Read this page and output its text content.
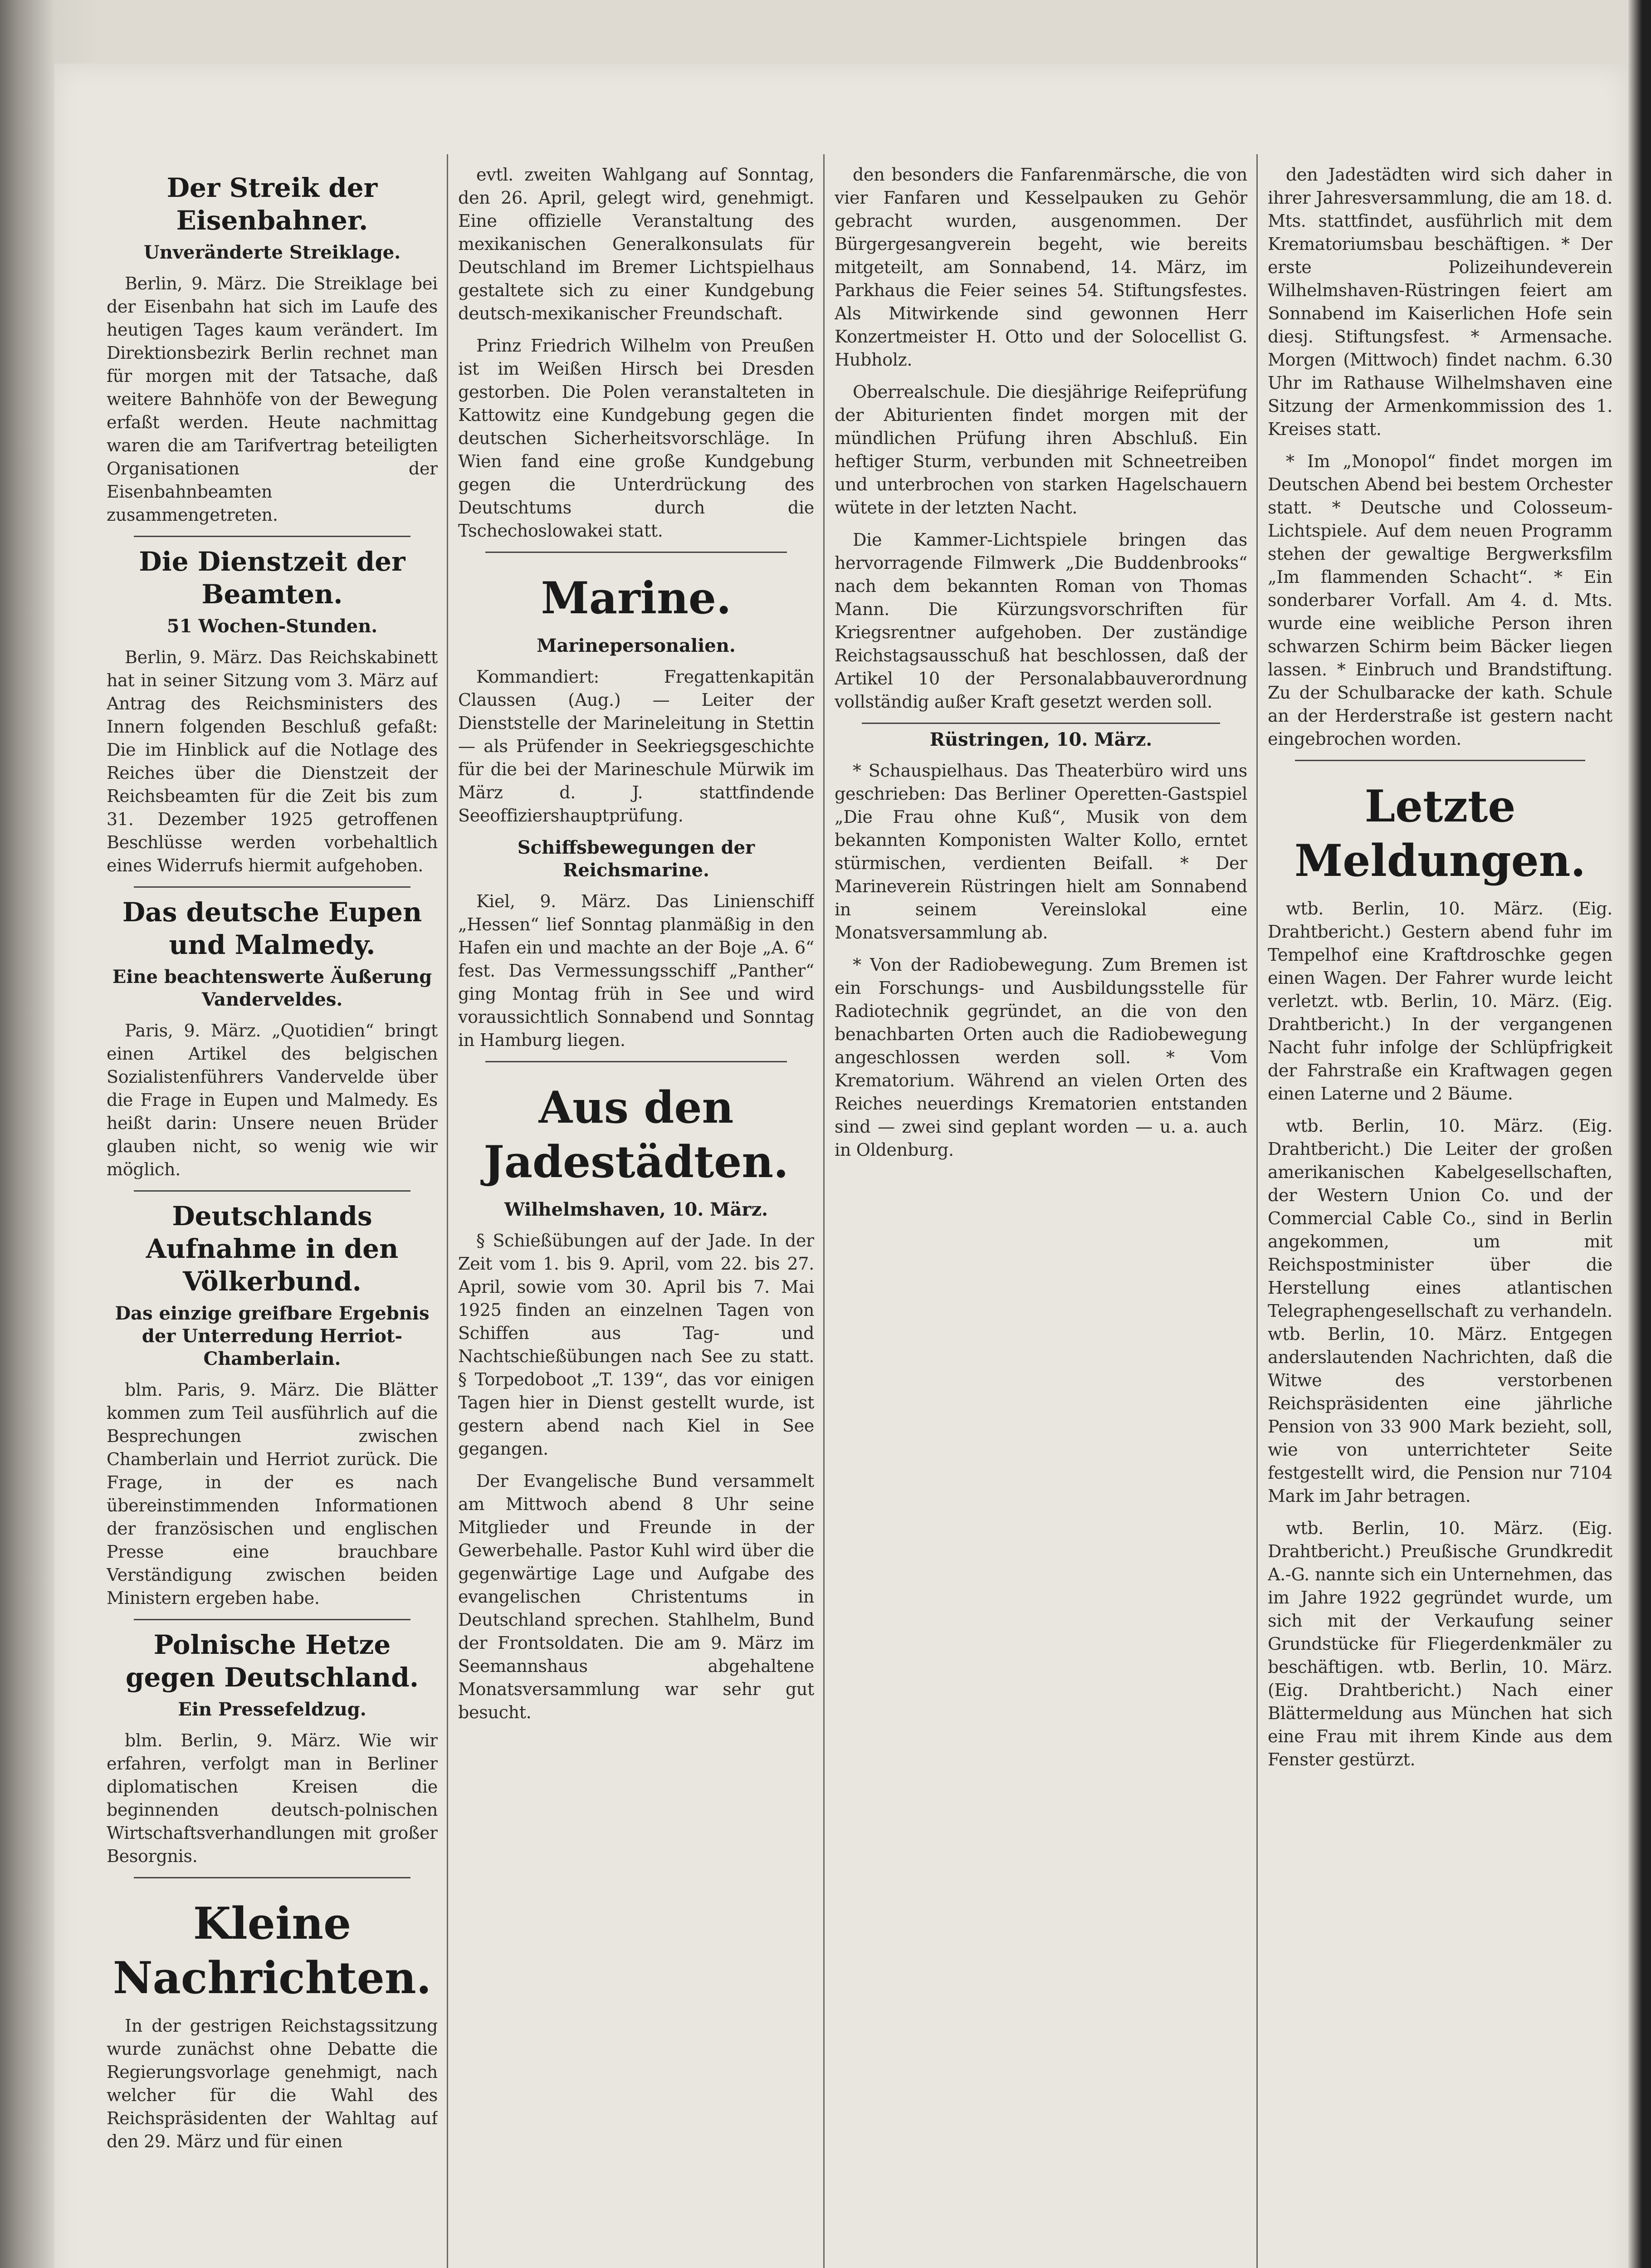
Der Streik der Eisenbahner.
Unveränderte Streiklage.

Berlin, 9. März. Die Streiklage bei der Eisenbahn hat sich im Laufe des heutigen Tages kaum verändert. Im Direktionsbezirk Berlin rechnet man für morgen mit der Tatsache, daß weitere Bahnhöfe von der Bewegung erfaßt werden. Heute nachmittag waren die am Tarifvertrag beteiligten Organisationen der Eisenbahnbeamten zusammengetreten.

Die Dienstzeit der Beamten.
51 Wochen-Stunden.

Berlin, 9. März. Das Reichskabinett hat in seiner Sitzung vom 3. März auf Antrag des Reichsministers des Innern folgenden Beschluß gefaßt: Die im Hinblick auf die Notlage des Reiches über die Dienstzeit der Reichsbeamten für die Zeit bis zum 31. Dezember 1925 getroffenen Beschlüsse werden vorbehaltlich eines Widerrufs hiermit aufgehoben.

Das deutsche Eupen und Malmedy.
Eine beachtenswerte Äußerung Vanderveldes.

Paris, 9. März. „Quotidien“ bringt einen Artikel des belgischen Sozialistenführers Vandervelde über die Frage in Eupen und Malmedy. Es heißt darin: Unsere neuen Brüder glauben nicht, so wenig wie wir möglich.

Deutschlands Aufnahme in den Völkerbund.
Das einzige greifbare Ergebnis der Unterredung Herriot-Chamberlain.

blm. Paris, 9. März. Die Blätter kommen zum Teil ausführlich auf die Besprechungen zwischen Chamberlain und Herriot zurück. Die Frage, in der es nach übereinstimmenden Informationen der französischen und englischen Presse eine brauchbare Verständigung zwischen beiden Ministern ergeben habe.

Polnische Hetze gegen Deutschland.
Ein Pressefeldzug.

blm. Berlin, 9. März. Wie wir erfahren, verfolgt man in Berliner diplomatischen Kreisen die beginnenden deutsch-polnischen Wirtschaftsverhandlungen mit großer Besorgnis.

Kleine Nachrichten.

In der gestrigen Reichstagssitzung wurde zunächst ohne Debatte die Regierungsvorlage genehmigt, nach welcher für die Wahl des Reichspräsidenten der Wahltag auf den 29. März und für einen

evtl. zweiten Wahlgang auf Sonntag, den 26. April, gelegt wird, genehmigt. Eine offizielle Veranstaltung des mexikanischen Generalkonsulats für Deutschland im Bremer Lichtspielhaus gestaltete sich zu einer Kundgebung deutsch-mexikanischer Freundschaft.

Prinz Friedrich Wilhelm von Preußen ist im Weißen Hirsch bei Dresden gestorben. Die Polen veranstalteten in Kattowitz eine Kundgebung gegen die deutschen Sicherheitsvorschläge. In Wien fand eine große Kundgebung gegen die Unterdrückung des Deutschtums durch die Tschechoslowakei statt.

Marine.
Marinepersonalien.

Kommandiert: Fregattenkapitän Claussen (Aug.) — Leiter der Dienststelle der Marineleitung in Stettin — als Prüfender in Seekriegsgeschichte für die bei der Marineschule Mürwik im März d. J. stattfindende Seeoffiziershauptprüfung.

Schiffsbewegungen der Reichsmarine.

Kiel, 9. März. Das Linienschiff „Hessen“ lief Sonntag planmäßig in den Hafen ein und machte an der Boje „A. 6“ fest. Das Vermessungsschiff „Panther“ ging Montag früh in See und wird voraussichtlich Sonnabend und Sonntag in Hamburg liegen.

Aus den Jadestädten.
Wilhelmshaven, 10. März.

§ Schießübungen auf der Jade. In der Zeit vom 1. bis 9. April, vom 22. bis 27. April, sowie vom 30. April bis 7. Mai 1925 finden an einzelnen Tagen von Schiffen aus Tag- und Nachtschießübungen nach See zu statt. § Torpedoboot „T. 139“, das vor einigen Tagen hier in Dienst gestellt wurde, ist gestern abend nach Kiel in See gegangen.

Der Evangelische Bund versammelt am Mittwoch abend 8 Uhr seine Mitglieder und Freunde in der Gewerbehalle. Pastor Kuhl wird über die gegenwärtige Lage und Aufgabe des evangelischen Christentums in Deutschland sprechen. Stahlhelm, Bund der Frontsoldaten. Die am 9. März im Seemannshaus abgehaltene Monatsversammlung war sehr gut besucht.

den besonders die Fanfarenmärsche, die von vier Fanfaren und Kesselpauken zu Gehör gebracht wurden, ausgenommen. Der Bürgergesangverein begeht, wie bereits mitgeteilt, am Sonnabend, 14. März, im Parkhaus die Feier seines 54. Stiftungsfestes. Als Mitwirkende sind gewonnen Herr Konzertmeister H. Otto und der Solocellist G. Hubholz.

Oberrealschule. Die diesjährige Reifeprüfung der Abiturienten findet morgen mit der mündlichen Prüfung ihren Abschluß. Ein heftiger Sturm, verbunden mit Schneetreiben und unterbrochen von starken Hagelschauern wütete in der letzten Nacht.

Die Kammer-Lichtspiele bringen das hervorragende Filmwerk „Die Buddenbrooks“ nach dem bekannten Roman von Thomas Mann. Die Kürzungsvorschriften für Kriegsrentner aufgehoben. Der zuständige Reichstagsausschuß hat beschlossen, daß der Artikel 10 der Personalabbauverordnung vollständig außer Kraft gesetzt werden soll.

Rüstringen, 10. März.

* Schauspielhaus. Das Theaterbüro wird uns geschrieben: Das Berliner Operetten-Gastspiel „Die Frau ohne Kuß“, Musik von dem bekannten Komponisten Walter Kollo, erntet stürmischen, verdienten Beifall. * Der Marineverein Rüstringen hielt am Sonnabend in seinem Vereinslokal eine Monatsversammlung ab.

* Von der Radiobewegung. Zum Bremen ist ein Forschungs- und Ausbildungsstelle für Radiotechnik gegründet, an die von den benachbarten Orten auch die Radiobewegung angeschlossen werden soll. * Vom Krematorium. Während an vielen Orten des Reiches neuerdings Krematorien entstanden sind — zwei sind geplant worden — u. a. auch in Oldenburg.

den Jadestädten wird sich daher in ihrer Jahresversammlung, die am 18. d. Mts. stattfindet, ausführlich mit dem Krematoriumsbau beschäftigen. * Der erste Polizeihundeverein Wilhelmshaven-Rüstringen feiert am Sonnabend im Kaiserlichen Hofe sein diesj. Stiftungsfest. * Armensache. Morgen (Mittwoch) findet nachm. 6.30 Uhr im Rathause Wilhelmshaven eine Sitzung der Armenkommission des 1. Kreises statt.

* Im „Monopol“ findet morgen im Deutschen Abend bei bestem Orchester statt. * Deutsche und Colosseum-Lichtspiele. Auf dem neuen Programm stehen der gewaltige Bergwerksfilm „Im flammenden Schacht“. * Ein sonderbarer Vorfall. Am 4. d. Mts. wurde eine weibliche Person ihren schwarzen Schirm beim Bäcker liegen lassen. * Einbruch und Brandstiftung. Zu der Schulbaracke der kath. Schule an der Herderstraße ist gestern nacht eingebrochen worden.

Letzte Meldungen.

wtb. Berlin, 10. März. (Eig. Drahtbericht.) Gestern abend fuhr im Tempelhof eine Kraftdroschke gegen einen Wagen. Der Fahrer wurde leicht verletzt. wtb. Berlin, 10. März. (Eig. Drahtbericht.) In der vergangenen Nacht fuhr infolge der Schlüpfrigkeit der Fahrstraße ein Kraftwagen gegen einen Laterne und 2 Bäume.

wtb. Berlin, 10. März. (Eig. Drahtbericht.) Die Leiter der großen amerikanischen Kabelgesellschaften, der Western Union Co. und der Commercial Cable Co., sind in Berlin angekommen, um mit Reichspostminister über die Herstellung eines atlantischen Telegraphengesellschaft zu verhandeln. wtb. Berlin, 10. März. Entgegen anderslautenden Nachrichten, daß die Witwe des verstorbenen Reichspräsidenten eine jährliche Pension von 33 900 Mark bezieht, soll, wie von unterrichteter Seite festgestellt wird, die Pension nur 7104 Mark im Jahr betragen.

wtb. Berlin, 10. März. (Eig. Drahtbericht.) Preußische Grundkredit A.-G. nannte sich ein Unternehmen, das im Jahre 1922 gegründet wurde, um sich mit der Verkaufung seiner Grundstücke für Fliegerdenkmäler zu beschäftigen. wtb. Berlin, 10. März. (Eig. Drahtbericht.) Nach einer Blättermeldung aus München hat sich eine Frau mit ihrem Kinde aus dem Fenster gestürzt.
